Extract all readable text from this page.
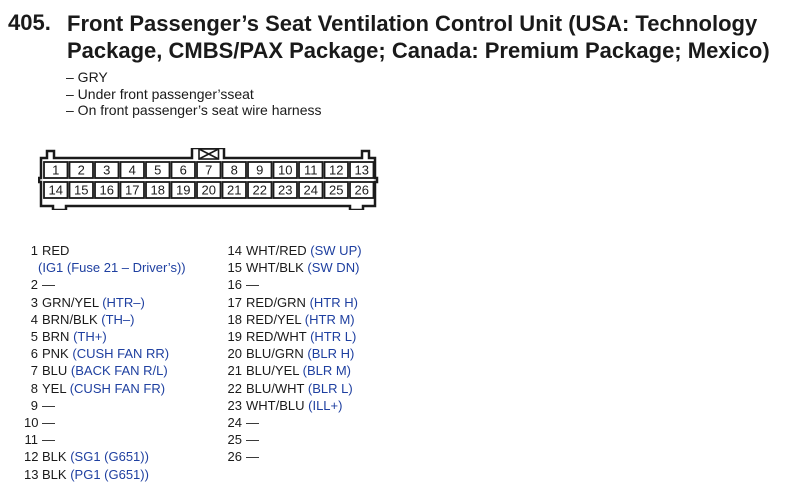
405. Front Passenger’s Seat Ventilation Control Unit (USA: Technology Package, CMBS/PAX Package; Canada: Premium Package; Mexico)
– GRY
– Under front passenger’sseat
– On front passenger’s seat wire harness
1 2 3 4 5 6 7 8 9 10 11 12 13
14 15 16 17 18 19 20 21 22 23 24 25 26
1 RED
(IG1 (Fuse 21 – Driver’s))
2 —
3 GRN/YEL (HTR–)
4 BRN/BLK (TH–)
5 BRN (TH+)
6 PNK (CUSH FAN RR)
7 BLU (BACK FAN R/L)
8 YEL (CUSH FAN FR)
9 —
10 —
11 —
12 BLK (SG1 (G651))
13 BLK (PG1 (G651))
14 WHT/RED (SW UP)
15 WHT/BLK (SW DN)
16 —
17 RED/GRN (HTR H)
18 RED/YEL (HTR M)
19 RED/WHT (HTR L)
20 BLU/GRN (BLR H)
21 BLU/YEL (BLR M)
22 BLU/WHT (BLR L)
23 WHT/BLU (ILL+)
24 —
25 —
26 —
